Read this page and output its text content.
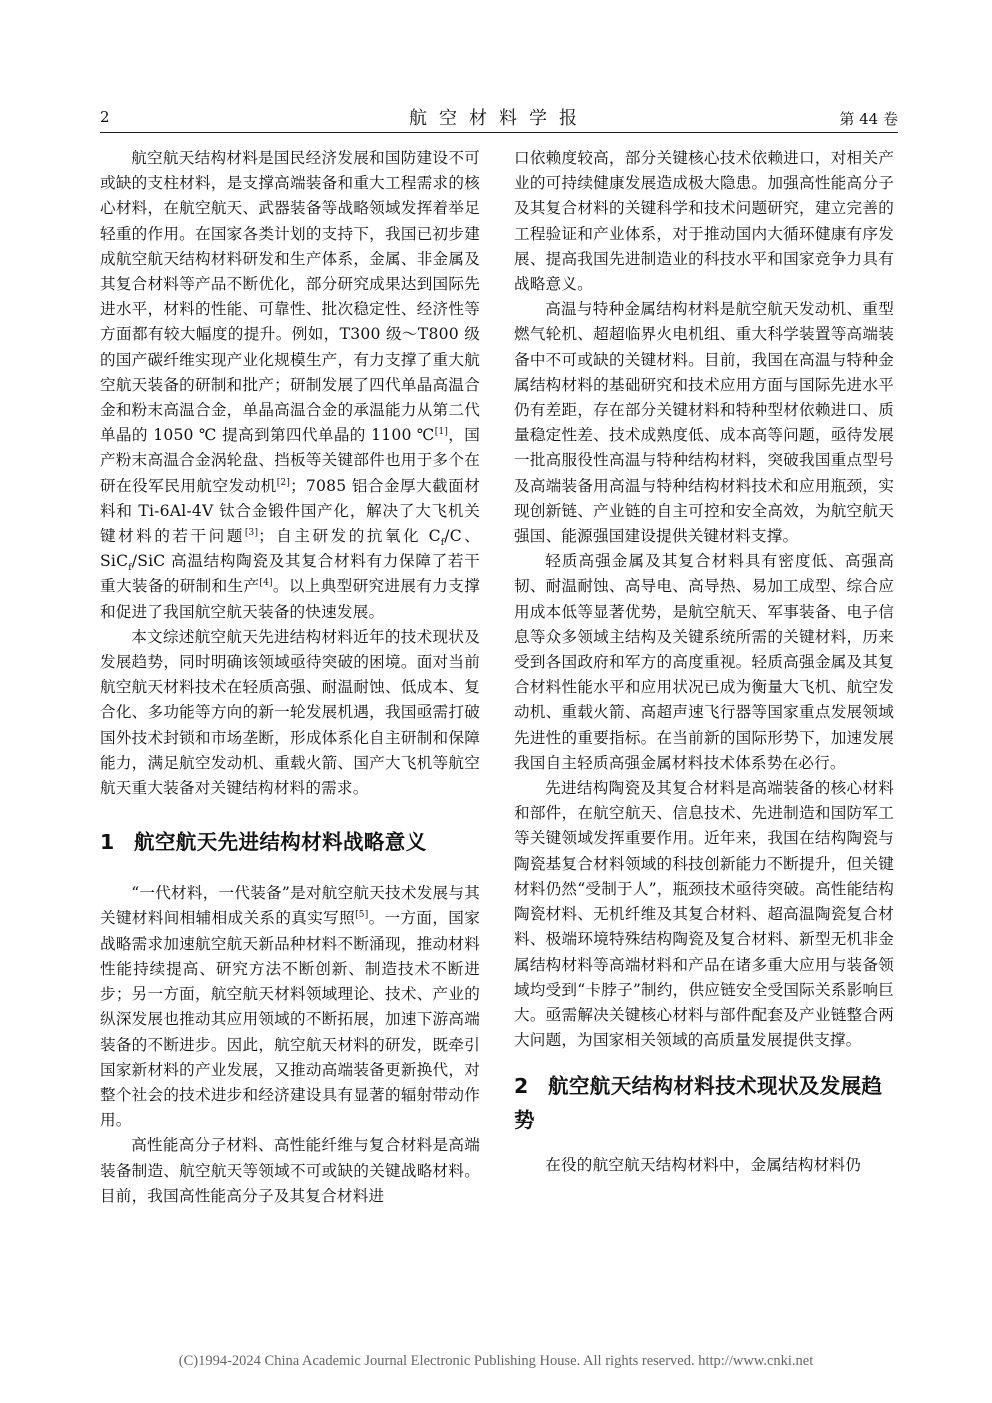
2	航空材料学报	第 44 卷

航空航天结构材料是国民经济发展和国防建设不可或缺的支柱材料，是支撑高端装备和重大工程需求的核心材料，在航空航天、武器装备等战略领域发挥着举足轻重的作用。在国家各类计划的支持下，我国已初步建成航空航天结构材料研发和生产体系，金属、非金属及其复合材料等产品不断优化，部分研究成果达到国际先进水平，材料的性能、可靠性、批次稳定性、经济性等方面都有较大幅度的提升。例如，T300 级～T800 级的国产碳纤维实现产业化规模生产，有力支撑了重大航空航天装备的研制和批产；研制发展了四代单晶高温合金和粉末高温合金，单晶高温合金的承温能力从第二代单晶的 1050 ℃ 提高到第四代单晶的 1100 ℃[1]，国产粉末高温合金涡轮盘、挡板等关键部件也用于多个在研在役军民用航空发动机[2]；7085 铝合金厚大截面材料和 Ti-6Al-4V 钛合金锻件国产化，解决了大飞机关键材料的若干问题[3]；自主研发的抗氧化 $C_f/C$、SiC$_f$/SiC 高温结构陶瓷及其复合材料有力保障了若干重大装备的研制和生产[4]。以上典型研究进展有力支撑和促进了我国航空航天装备的快速发展。

本文综述航空航天先进结构材料近年的技术现状及发展趋势，同时明确该领域亟待突破的困境。面对当前航空航天材料技术在轻质高强、耐温耐蚀、低成本、复合化、多功能等方向的新一轮发展机遇，我国亟需打破国外技术封锁和市场垄断，形成体系化自主研制和保障能力，满足航空发动机、重载火箭、国产大飞机等航空航天重大装备对关键结构材料的需求。

1 航空航天先进结构材料战略意义

“一代材料，一代装备”是对航空航天技术发展与其关键材料间相辅相成关系的真实写照[5]。一方面，国家战略需求加速航空航天新品种材料不断涌现，推动材料性能持续提高、研究方法不断创新、制造技术不断进步；另一方面，航空航天材料领域理论、技术、产业的纵深发展也推动其应用领域的不断拓展，加速下游高端装备的不断进步。因此，航空航天材料的研发，既牵引国家新材料的产业发展，又推动高端装备更新换代，对整个社会的技术进步和经济建设具有显著的辐射带动作用。

高性能高分子材料、高性能纤维与复合材料是高端装备制造、航空航天等领域不可或缺的关键战略材料。目前，我国高性能高分子及其复合材料进

口依赖度较高，部分关键核心技术依赖进口，对相关产业的可持续健康发展造成极大隐患。加强高性能高分子及其复合材料的关键科学和技术问题研究，建立完善的工程验证和产业体系，对于推动国内大循环健康有序发展、提高我国先进制造业的科技水平和国家竞争力具有战略意义。

高温与特种金属结构材料是航空航天发动机、重型燃气轮机、超超临界火电机组、重大科学装置等高端装备中不可或缺的关键材料。目前，我国在高温与特种金属结构材料的基础研究和技术应用方面与国际先进水平仍有差距，存在部分关键材料和特种型材依赖进口、质量稳定性差、技术成熟度低、成本高等问题，亟待发展一批高服役性高温与特种结构材料，突破我国重点型号及高端装备用高温与特种结构材料技术和应用瓶颈，实现创新链、产业链的自主可控和安全高效，为航空航天强国、能源强国建设提供关键材料支撑。

轻质高强金属及其复合材料具有密度低、高强高韧、耐温耐蚀、高导电、高导热、易加工成型、综合应用成本低等显著优势，是航空航天、军事装备、电子信息等众多领域主结构及关键系统所需的关键材料，历来受到各国政府和军方的高度重视。轻质高强金属及其复合材料性能水平和应用状况已成为衡量大飞机、航空发动机、重载火箭、高超声速飞行器等国家重点发展领域先进性的重要指标。在当前新的国际形势下，加速发展我国自主轻质高强金属材料技术体系势在必行。

先进结构陶瓷及其复合材料是高端装备的核心材料和部件，在航空航天、信息技术、先进制造和国防军工等关键领域发挥重要作用。近年来，我国在结构陶瓷与陶瓷基复合材料领域的科技创新能力不断提升，但关键材料仍然“受制于人”，瓶颈技术亟待突破。高性能结构陶瓷材料、无机纤维及其复合材料、超高温陶瓷复合材料、极端环境特殊结构陶瓷及复合材料、新型无机非金属结构材料等高端材料和产品在诸多重大应用与装备领域均受到“卡脖子”制约，供应链安全受国际关系影响巨大。亟需解决关键核心材料与部件配套及产业链整合两大问题，为国家相关领域的高质量发展提供支撑。

2 航空航天结构材料技术现状及发展趋势

在役的航空航天结构材料中，金属结构材料仍

(C)1994-2024 China Academic Journal Electronic Publishing House. All rights reserved. http://www.cnki.net
